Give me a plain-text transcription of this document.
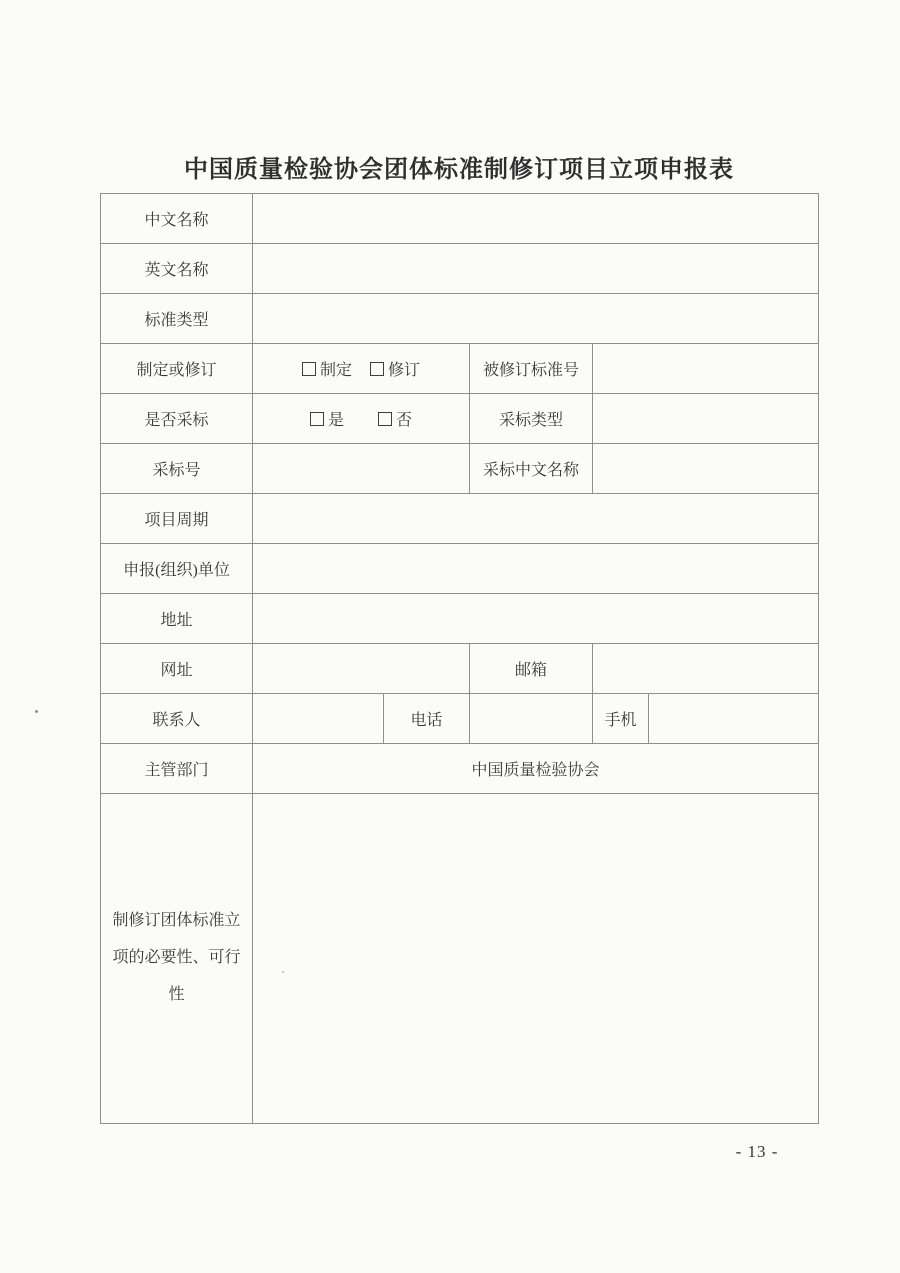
中国质量检验协会团体标准制修订项目立项申报表
中文名称					
英文名称					
标准类型					
制定或修订	制定 修订		被修订标准号		
是否采标	是 否		采标类型		
采标号			采标中文名称		
项目周期					
申报(组织)单位					
地址					
网址			邮箱		
联系人		电话		手机	
主管部门	中国质量检验协会				
制修订团体标准立项的必要性、可行性					
- 13 -
